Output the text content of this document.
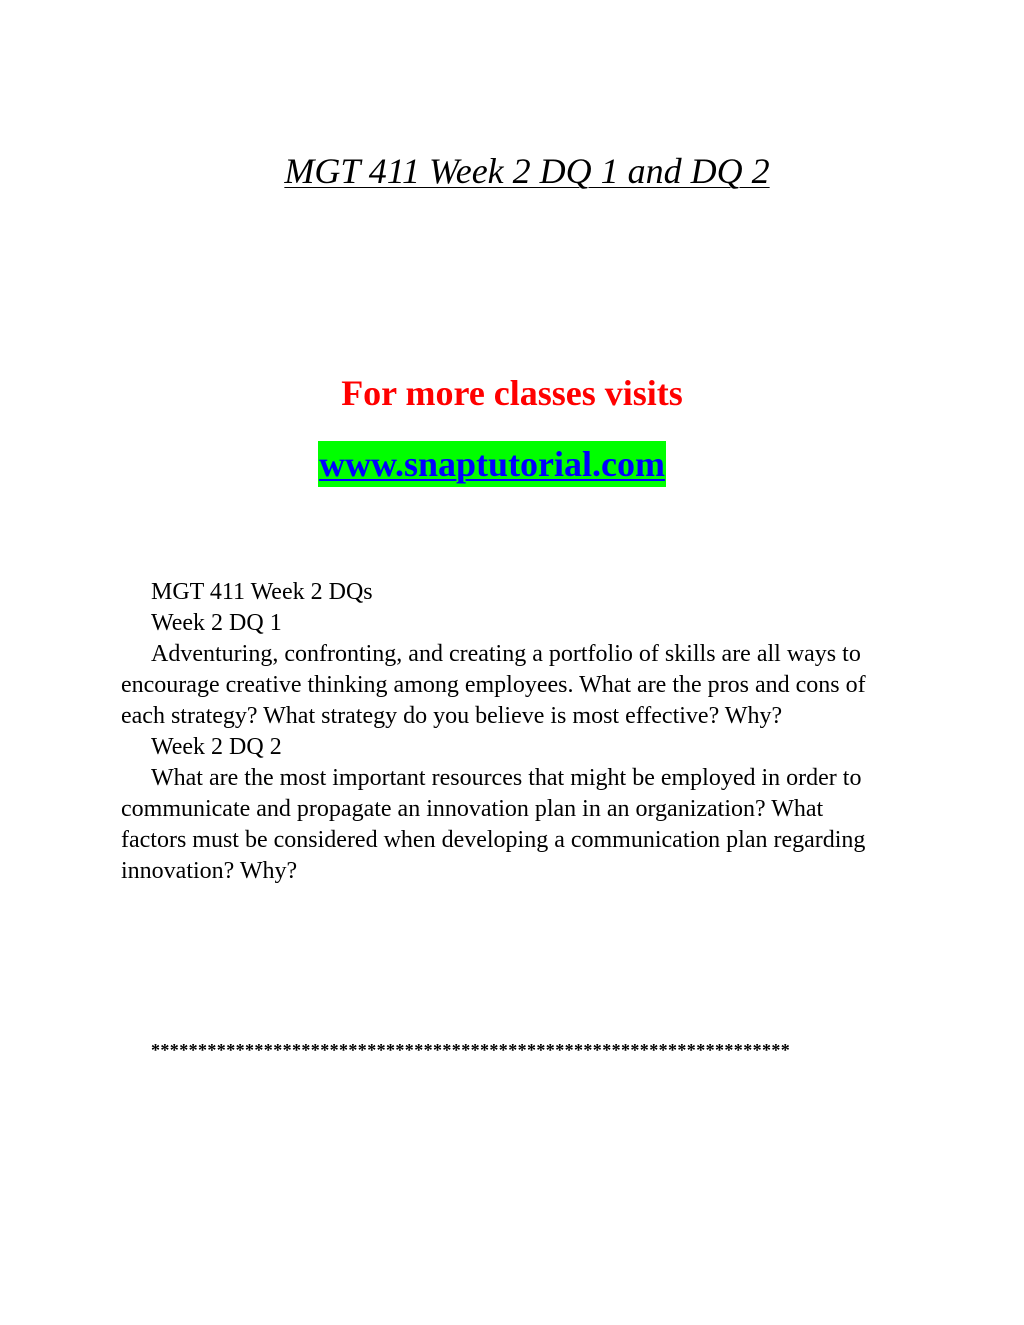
MGT 411 Week 2 DQ 1 and DQ 2

For more classes visits

www.snaptutorial.com

MGT 411 Week 2 DQs

Week 2 DQ 1

Adventuring, confronting, and creating a portfolio of skills are all ways to encourage creative thinking among employees. What are the pros and cons of each strategy? What strategy do you believe is most effective? Why?

Week 2 DQ 2

What are the most important resources that might be employed in order to communicate and propagate an innovation plan in an organization? What factors must be considered when developing a communication plan regarding innovation? Why?

********************************************************************
